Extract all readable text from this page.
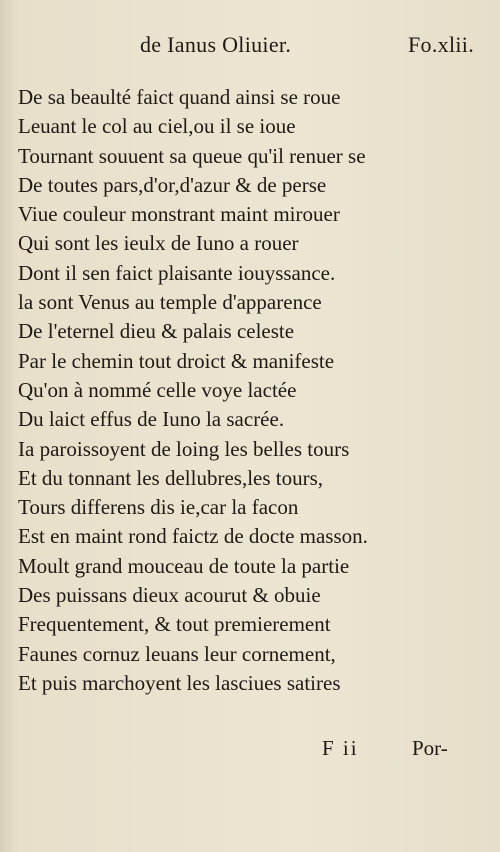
de Ianus Oliuier.	Fo.xlii.
De sa beaulté faict quand ainsi se roue
Leuant le col au ciel,ou il se ioue
Tournant souuent sa queue qu'il renuer se
De toutes pars,d'or,d'azur & de perse
Viue couleur monstrant maint mirouer
Qui sont les ieulx de Iuno a rouer
Dont il sen faict plaisante iouyssance.
la sont Venus au temple d'apparence
De l'eternel dieu & palais celeste
Par le chemin tout droict & manifeste
Qu'on à nommé celle voye lactée
Du laict effus de Iuno la sacrée.
Ia paroissoyent de loing les belles tours
Et du tonnant les dellubres,les tours,
Tours differens dis ie,car la facon
Est en maint rond faictz de docte masson.
Moult grand mouceau de toute la partie
Des puissans dieux acourut & obuie
Frequentement, & tout premierement
Faunes cornuz leuans leur cornement,
Et puis marchoyent les lasciues satires
F ii	Por-
